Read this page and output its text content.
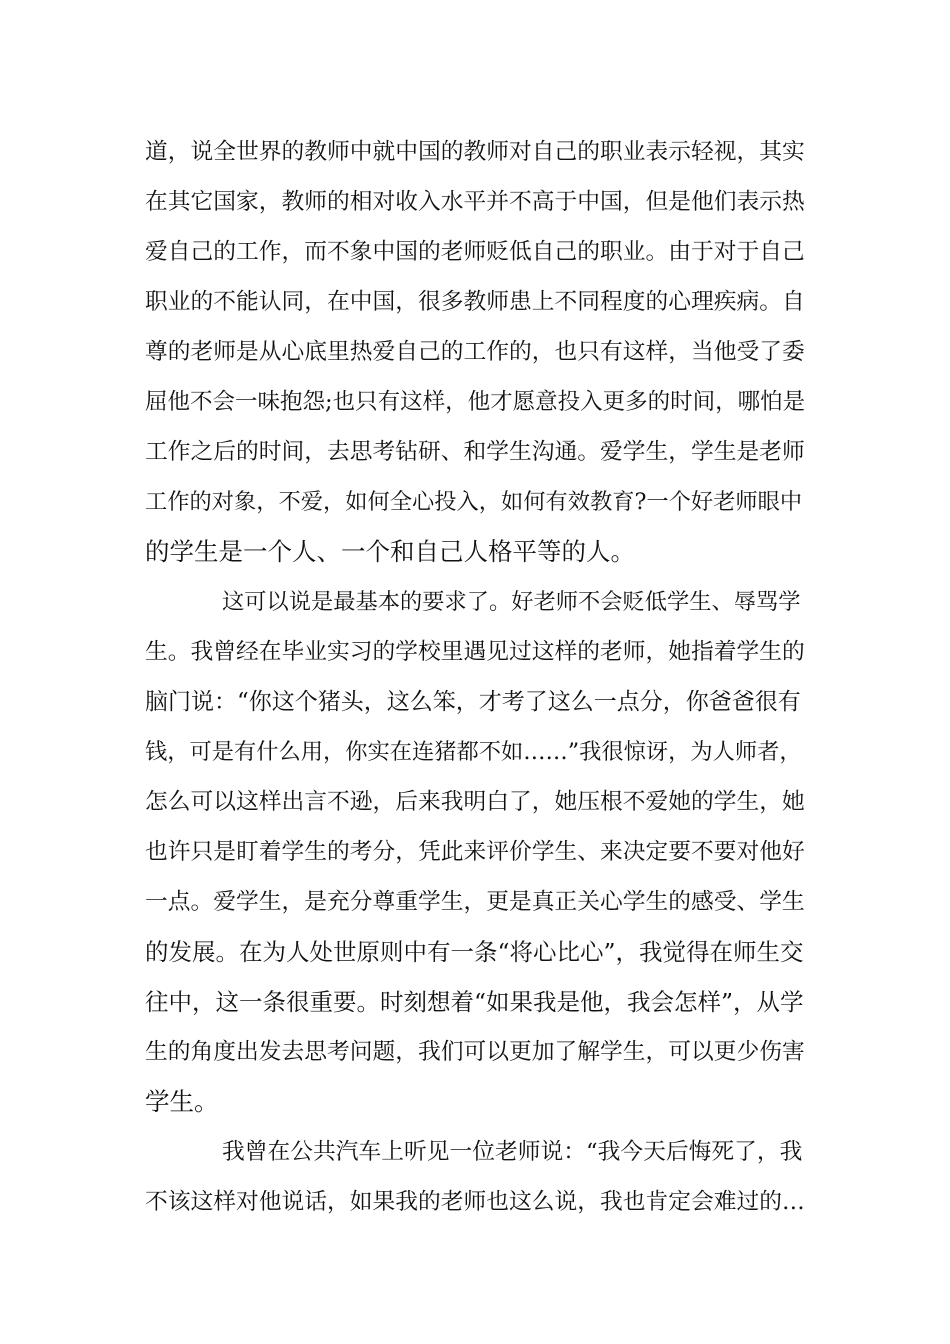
道，说全世界的教师中就中国的教师对自己的职业表示轻视，其实

在其它国家，教师的相对收入水平并不高于中国，但是他们表示热

爱自己的工作，而不象中国的老师贬低自己的职业。由于对于自己

职业的不能认同，在中国，很多教师患上不同程度的心理疾病。自

尊的老师是从心底里热爱自己的工作的，也只有这样，当他受了委

屈他不会一味抱怨;也只有这样，他才愿意投入更多的时间，哪怕是

工作之后的时间，去思考钻研、和学生沟通。爱学生，学生是老师

工作的对象，不爱，如何全心投入，如何有效教育?一个好老师眼中

的学生是一个人、一个和自己人格平等的人。

这可以说是最基本的要求了。好老师不会贬低学生、辱骂学

生。我曾经在毕业实习的学校里遇见过这样的老师，她指着学生的

脑门说：“你这个猪头，这么笨，才考了这么一点分，你爸爸很有

钱，可是有什么用，你实在连猪都不如……”我很惊讶，为人师者，

怎么可以这样出言不逊，后来我明白了，她压根不爱她的学生，她

也许只是盯着学生的考分，凭此来评价学生、来决定要不要对他好

一点。爱学生，是充分尊重学生，更是真正关心学生的感受、学生

的发展。在为人处世原则中有一条“将心比心”，我觉得在师生交

往中，这一条很重要。时刻想着“如果我是他，我会怎样”，从学

生的角度出发去思考问题，我们可以更加了解学生，可以更少伤害

学生。

我曾在公共汽车上听见一位老师说：“我今天后悔死了，我

不该这样对他说话，如果我的老师也这么说，我也肯定会难过的…
